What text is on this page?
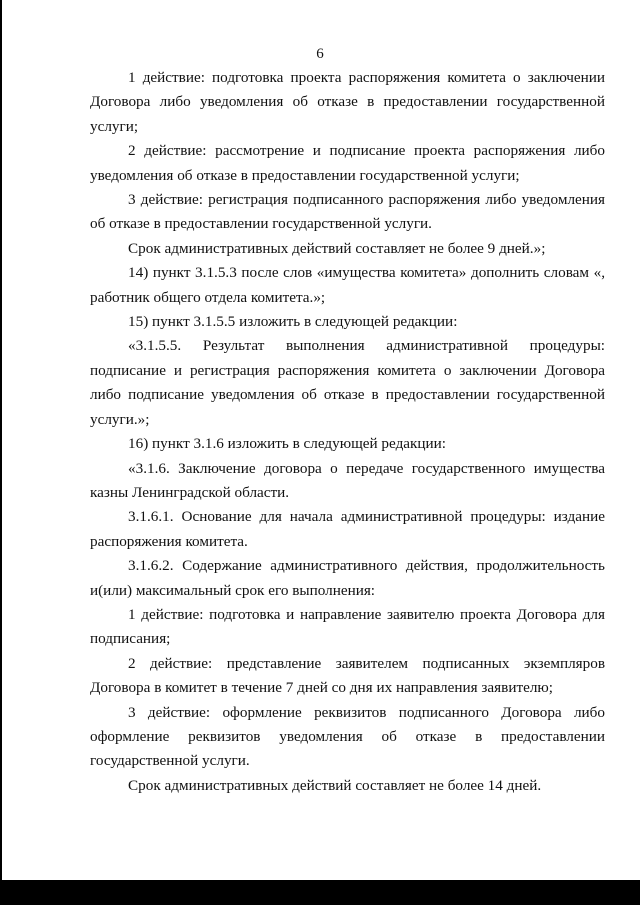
6

1 действие: подготовка проекта распоряжения комитета о заключении Договора либо уведомления об отказе в предоставлении государственной услуги;

2 действие: рассмотрение и подписание проекта распоряжения либо уведомления об отказе в предоставлении государственной услуги;

3 действие: регистрация подписанного распоряжения либо уведомления об отказе в предоставлении государственной услуги.

Срок административных действий составляет не более 9 дней.»;

14) пункт 3.1.5.3 после слов «имущества комитета» дополнить словам «, работник общего отдела комитета.»;

15) пункт 3.1.5.5 изложить в следующей редакции:

«3.1.5.5. Результат выполнения административной процедуры: подписание и регистрация распоряжения комитета о заключении Договора либо подписание уведомления об отказе в предоставлении государственной услуги.»;

16) пункт 3.1.6 изложить в следующей редакции:

«3.1.6. Заключение договора о передаче государственного имущества казны Ленинградской области.

3.1.6.1. Основание для начала административной процедуры: издание распоряжения комитета.

3.1.6.2. Содержание административного действия, продолжительность и(или) максимальный срок его выполнения:

1 действие: подготовка и направление заявителю проекта Договора для подписания;

2 действие: представление заявителем подписанных экземпляров Договора в комитет в течение 7 дней со дня их направления заявителю;

3 действие: оформление реквизитов подписанного Договора либо оформление реквизитов уведомления об отказе в предоставлении государственной услуги.

Срок административных действий составляет не более 14 дней.
